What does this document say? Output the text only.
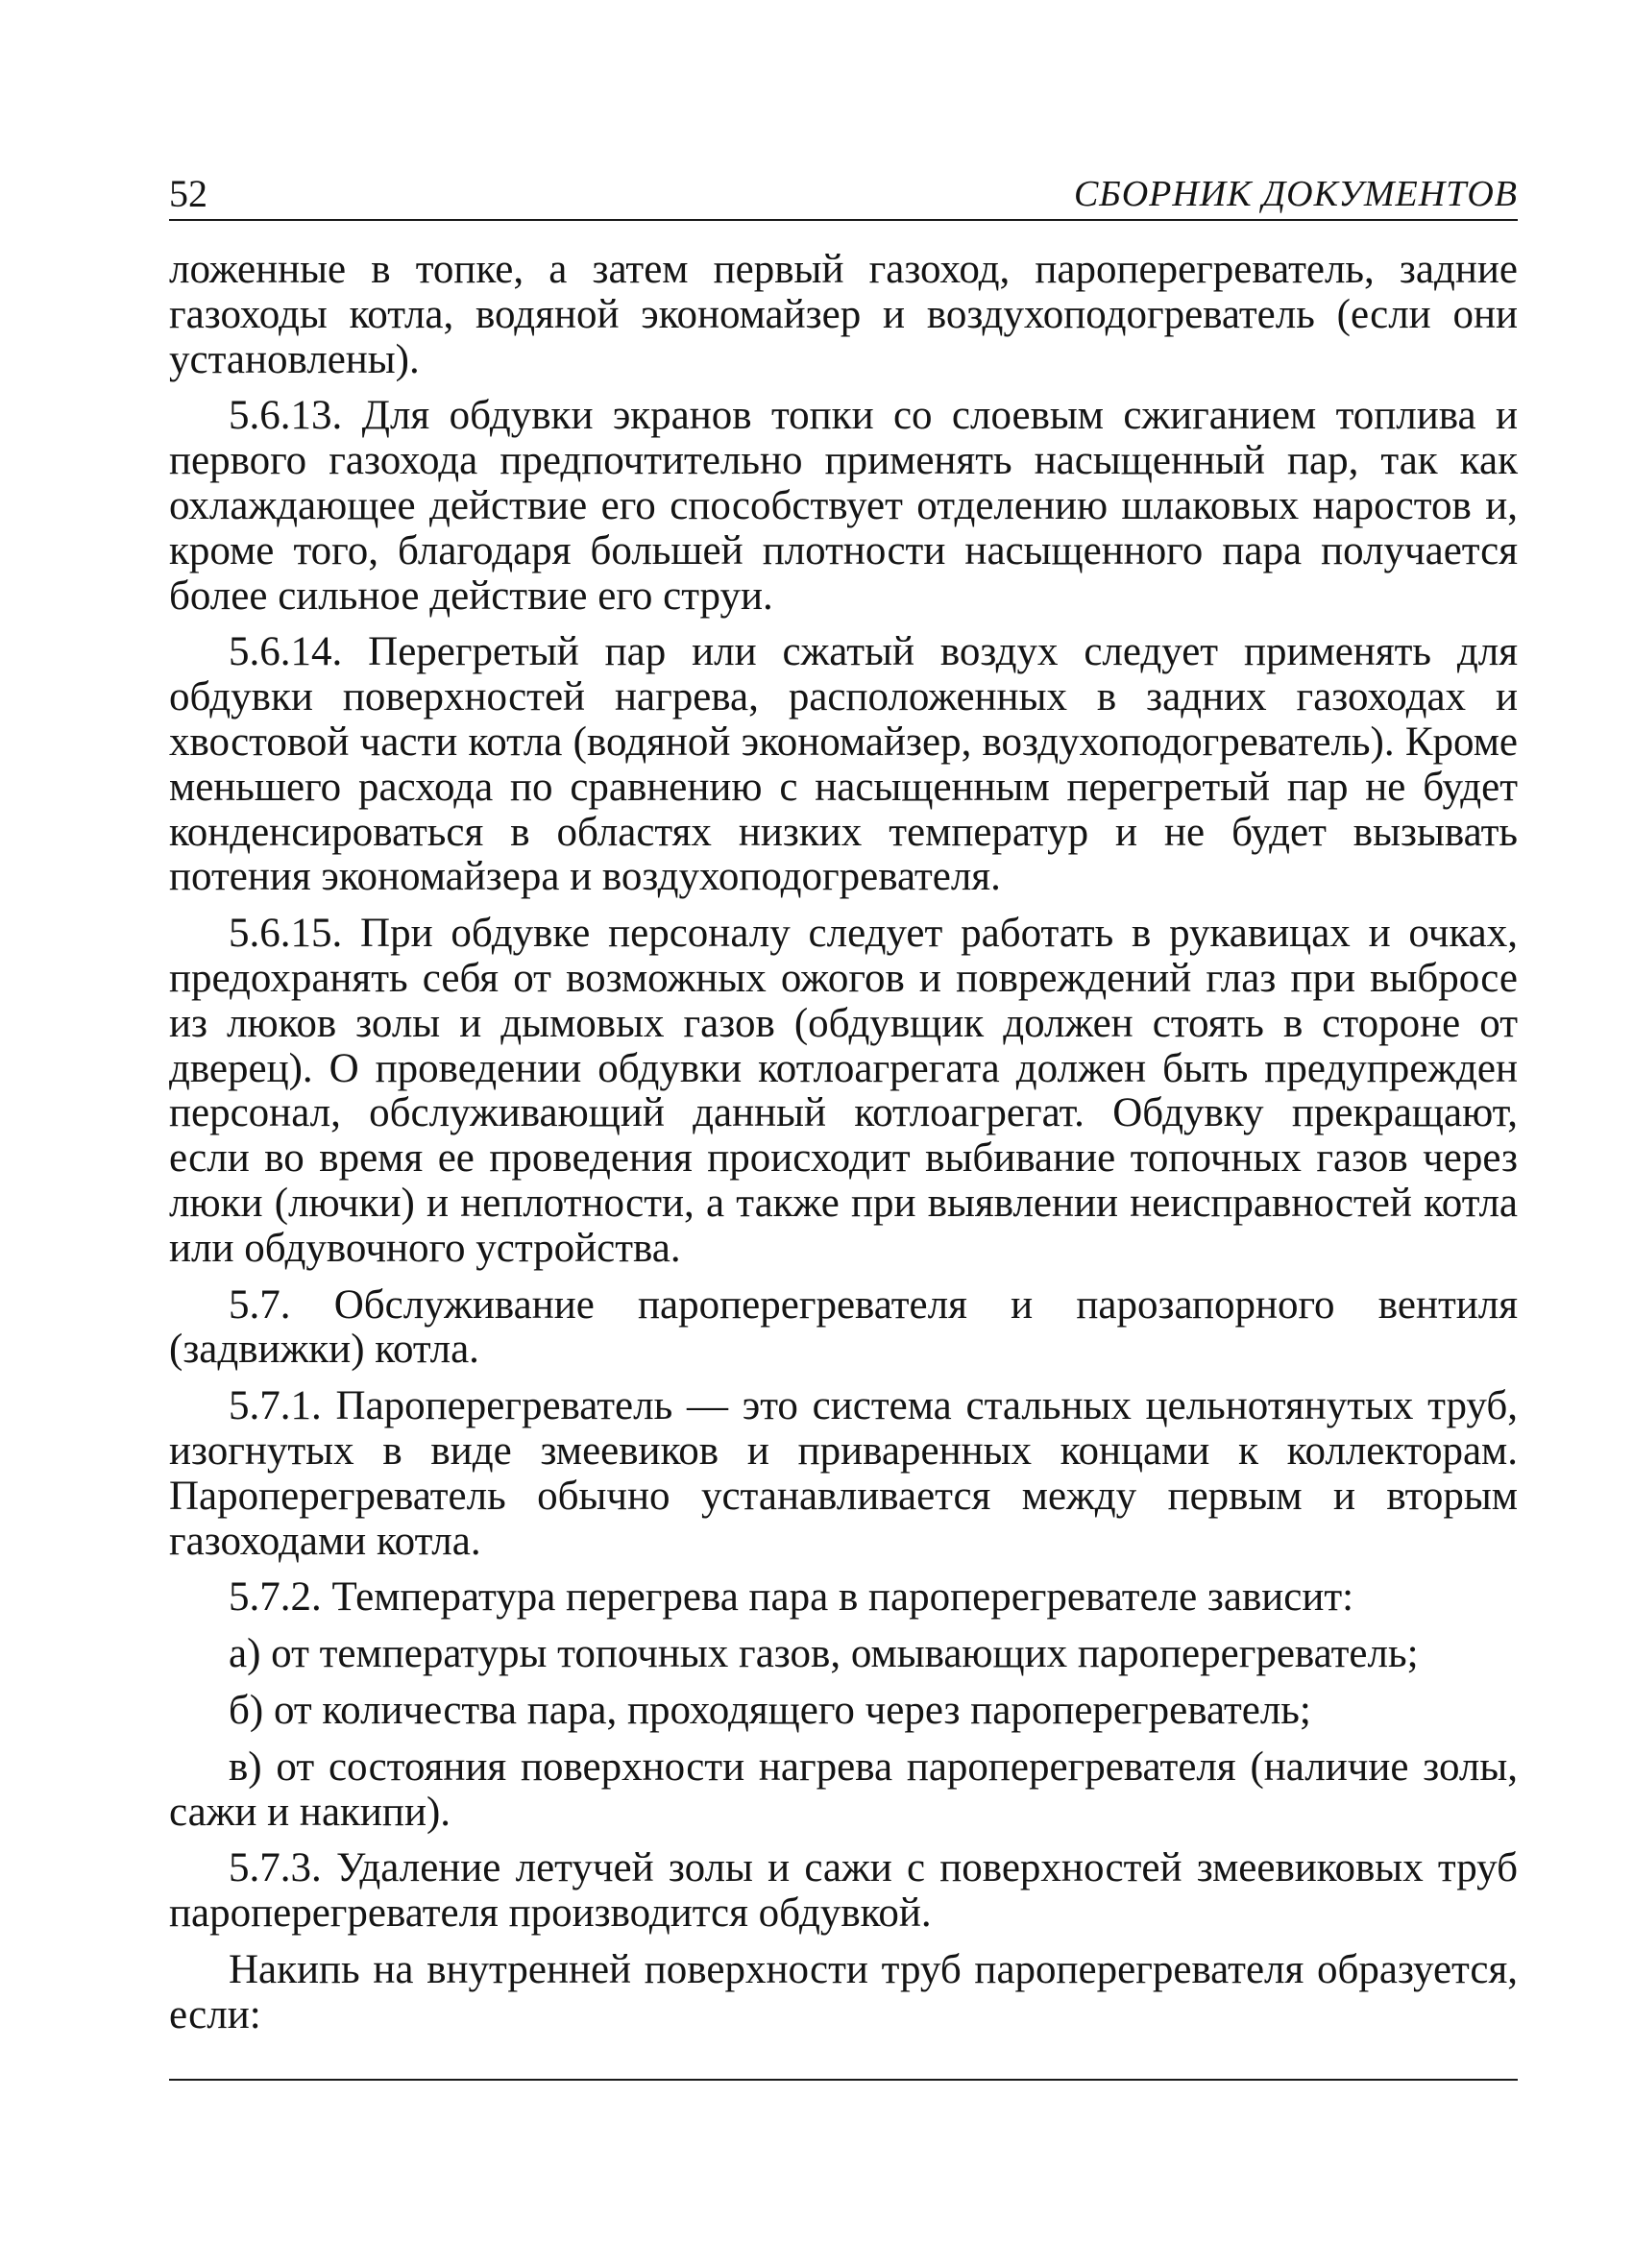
52	СБОРНИК ДОКУМЕНТОВ

ложенные в топке, а затем первый газоход, пароперегреватель, задние газоходы котла, водяной экономайзер и воздухоподогреватель (если они установлены).

5.6.13. Для обдувки экранов топки со слоевым сжиганием топлива и первого газохода предпочтительно применять насыщенный пар, так как охлаждающее действие его способствует отделению шлаковых наростов и, кроме того, благодаря большей плотности насыщенного пара получается более сильное действие его струи.

5.6.14. Перегретый пар или сжатый воздух следует применять для обдувки поверхностей нагрева, расположенных в задних газоходах и хвостовой части котла (водяной экономайзер, воздухоподогреватель). Кроме меньшего расхода по сравнению с насыщенным перегретый пар не будет конденсироваться в областях низких температур и не будет вызывать потения экономайзера и воздухоподогревателя.

5.6.15. При обдувке персоналу следует работать в рукавицах и очках, предохранять себя от возможных ожогов и повреждений глаз при выбросе из люков золы и дымовых газов (обдувщик должен стоять в стороне от дверец). О проведении обдувки котлоагрегата должен быть предупрежден персонал, обслуживающий данный котлоагрегат. Обдувку прекращают, если во время ее проведения происходит выбивание топочных газов через люки (лючки) и неплотности, а также при выявлении неисправностей котла или обдувочного устройства.

5.7. Обслуживание пароперегревателя и парозапорного вентиля (задвижки) котла.

5.7.1. Пароперегреватель — это система стальных цельнотянутых труб, изогнутых в виде змеевиков и приваренных концами к коллекторам. Пароперегреватель обычно устанавливается между первым и вторым газоходами котла.

5.7.2. Температура перегрева пара в пароперегревателе зависит:

а) от температуры топочных газов, омывающих пароперегреватель;

б) от количества пара, проходящего через пароперегреватель;

в) от состояния поверхности нагрева пароперегревателя (наличие золы, сажи и накипи).

5.7.3. Удаление летучей золы и сажи с поверхностей змеевиковых труб пароперегревателя производится обдувкой.

Накипь на внутренней поверхности труб пароперегревателя образуется, если:
